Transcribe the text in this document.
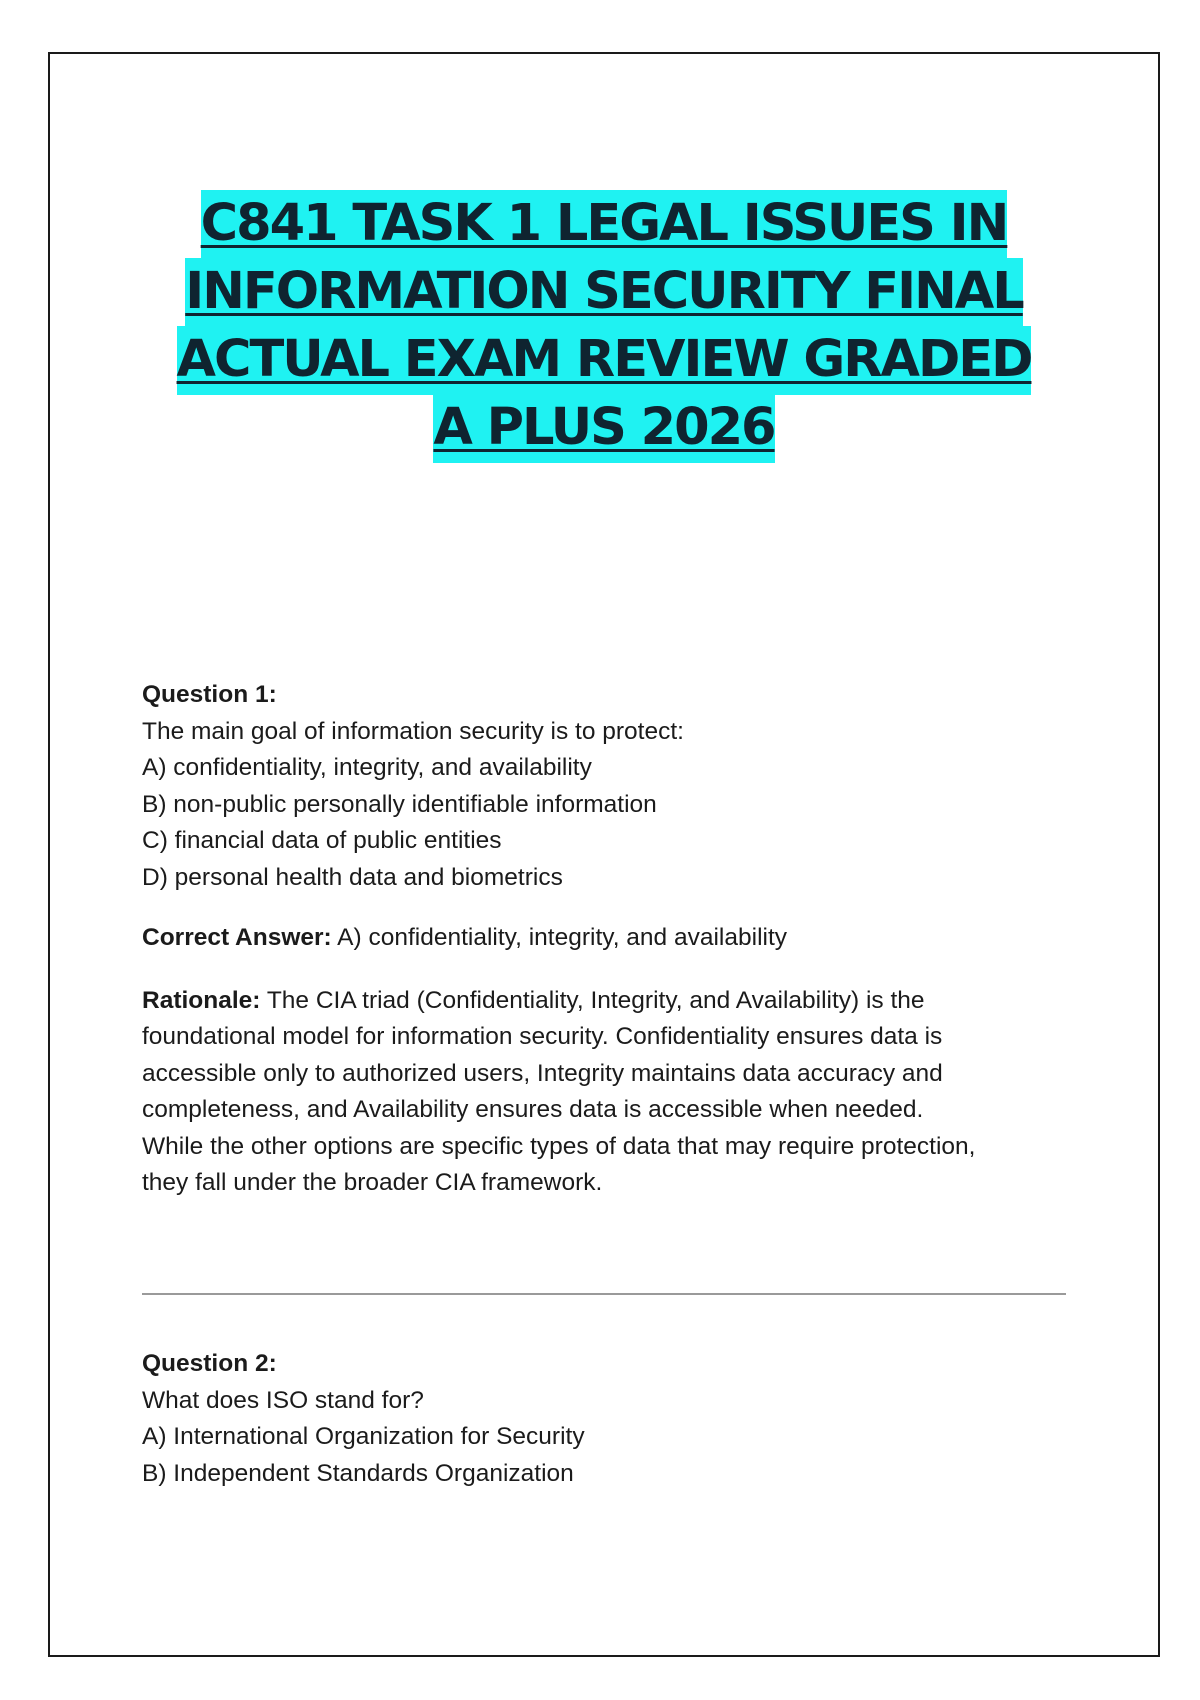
C841 TASK 1 LEGAL ISSUES IN
INFORMATION SECURITY FINAL
ACTUAL EXAM REVIEW GRADED
A PLUS 2026
Question 1:
The main goal of information security is to protect:
A) confidentiality, integrity, and availability
B) non-public personally identifiable information
C) financial data of public entities
D) personal health data and biometrics
Correct Answer: A) confidentiality, integrity, and availability
Rationale: The CIA triad (Confidentiality, Integrity, and Availability) is the
foundational model for information security. Confidentiality ensures data is
accessible only to authorized users, Integrity maintains data accuracy and
completeness, and Availability ensures data is accessible when needed.
While the other options are specific types of data that may require protection,
they fall under the broader CIA framework.
Question 2:
What does ISO stand for?
A) International Organization for Security
B) Independent Standards Organization
